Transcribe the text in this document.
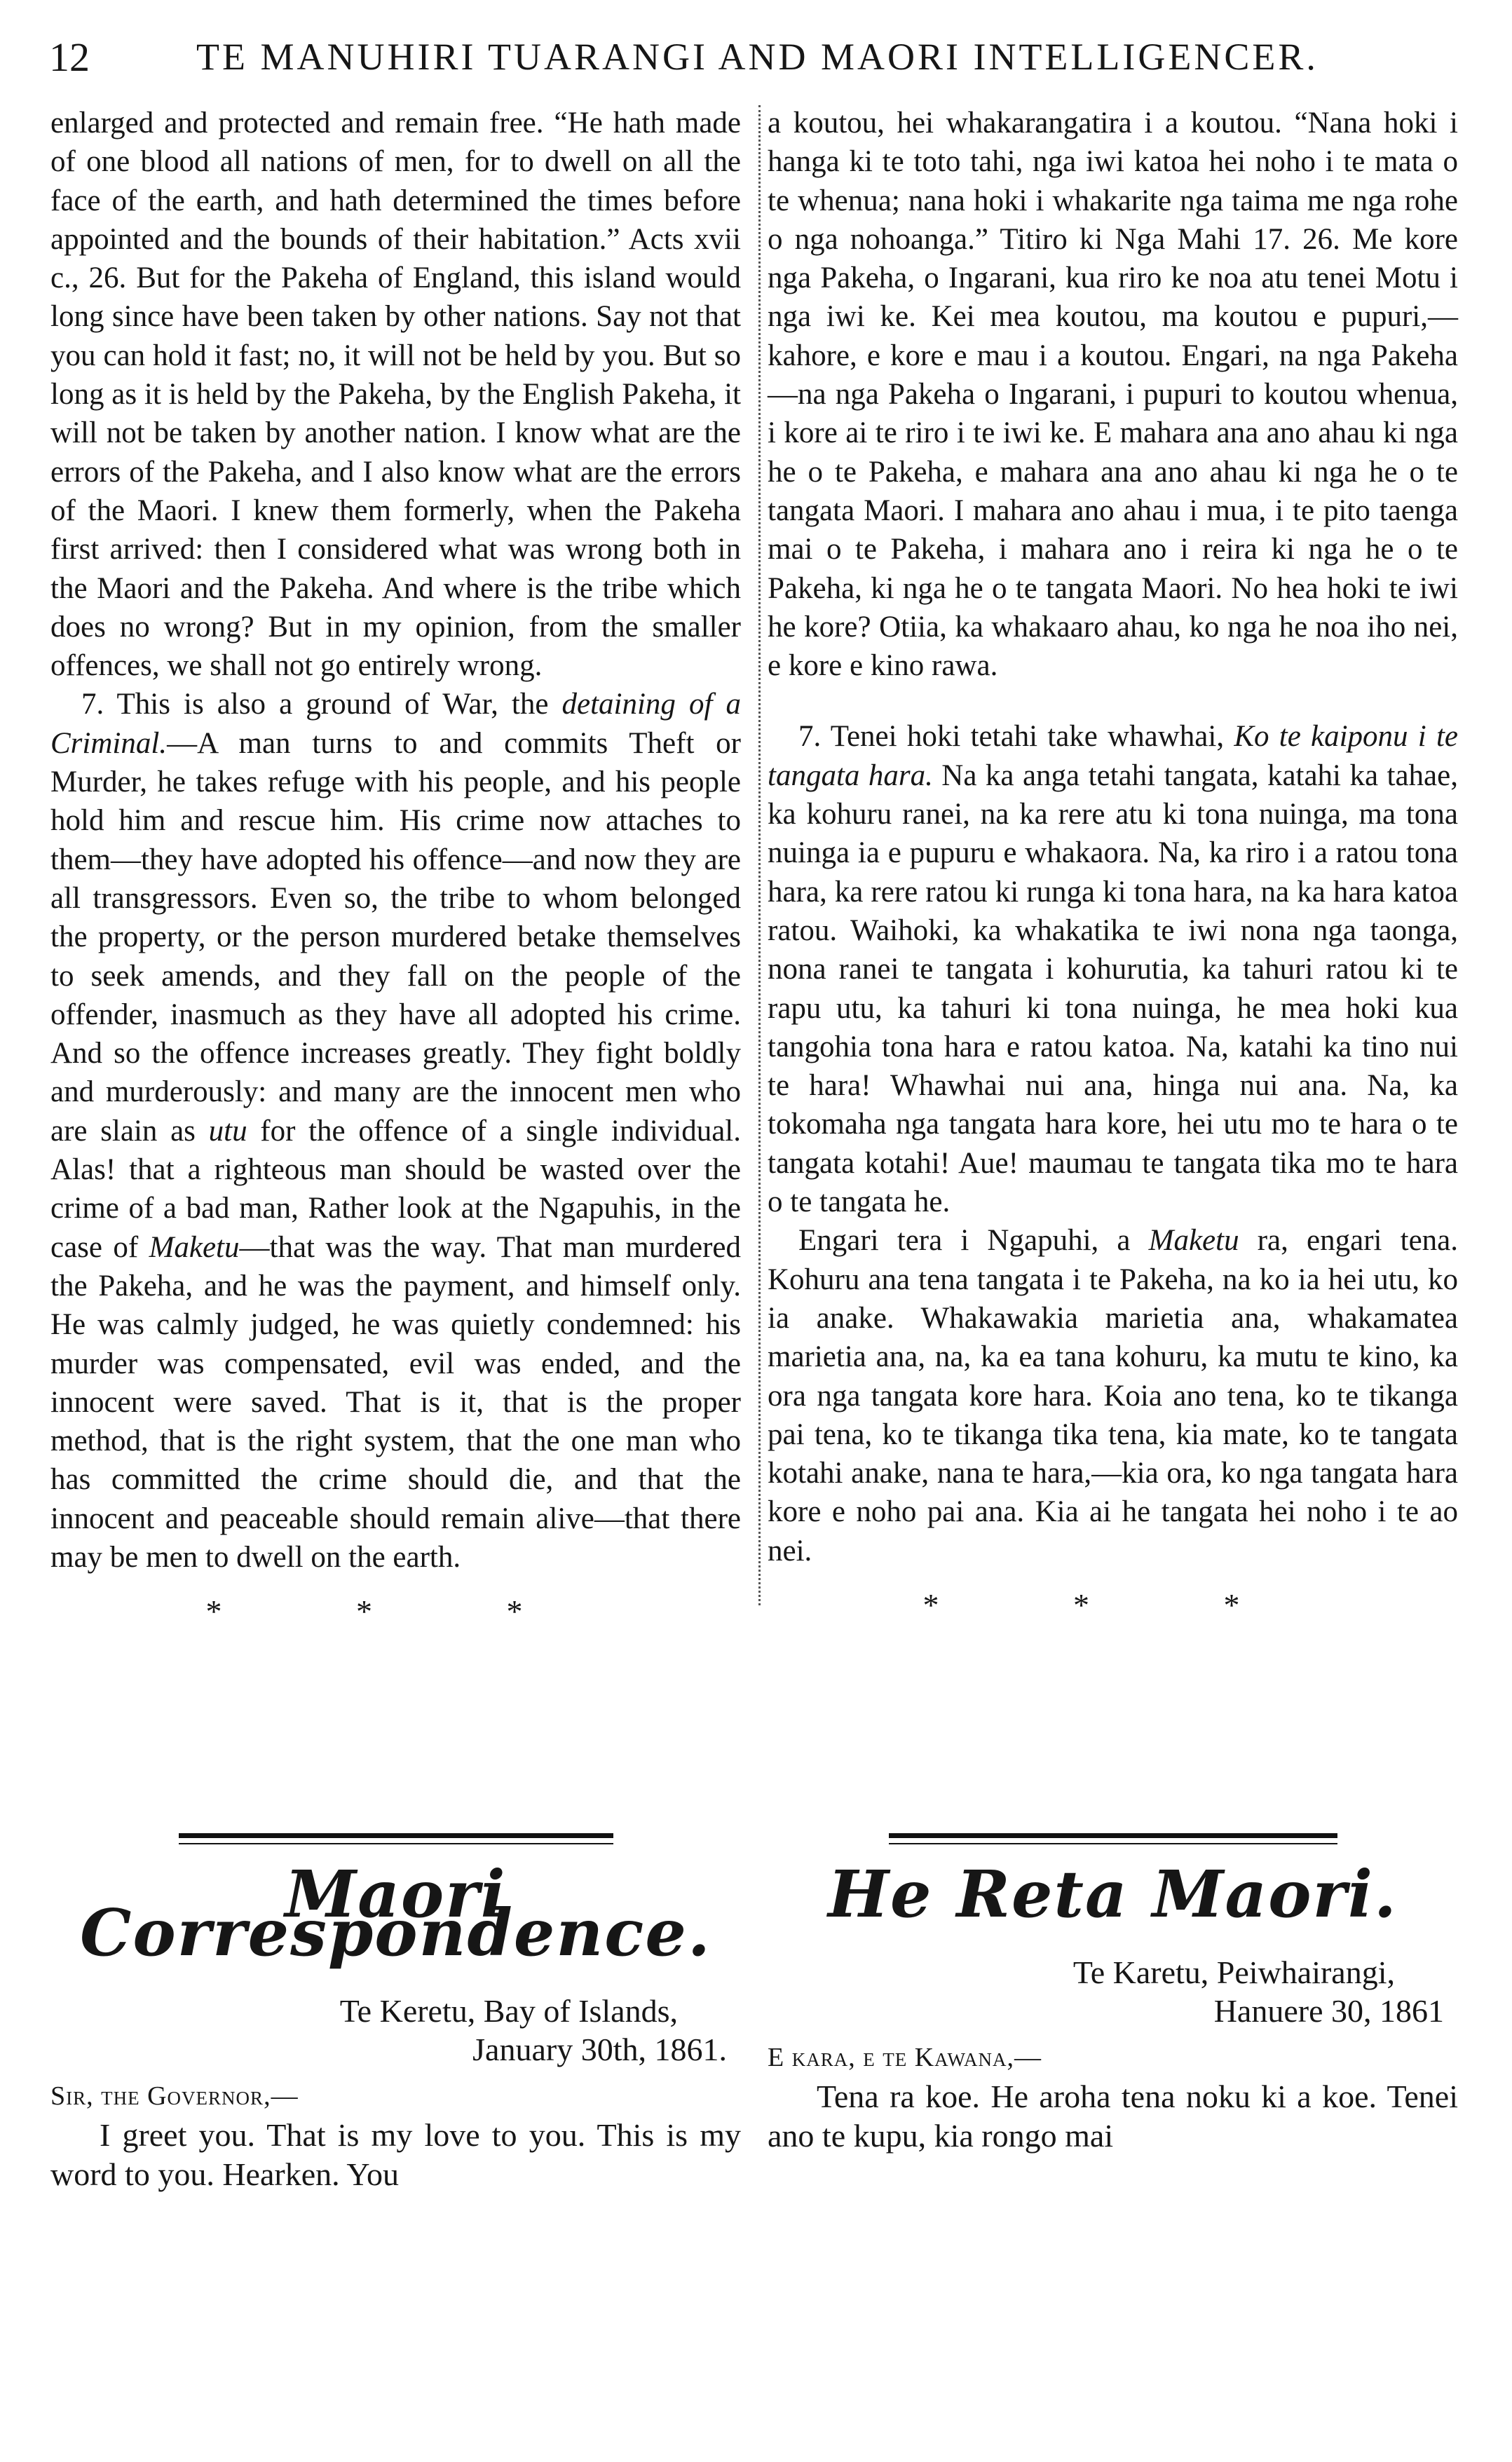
12	TE MANUHIRI TUARANGI AND MAORI INTELLIGENCER.

enlarged and protected and remain free. “He hath made of one blood all nations of men, for to dwell on all the face of the earth, and hath determined the times before appointed and the bounds of their habitation.” Acts xvii c., 26. But for the Pakeha of England, this island would long since have been taken by other nations. Say not that you can hold it fast; no, it will not be held by you. But so long as it is held by the Pakeha, by the English Pakeha, it will not be taken by another nation. I know what are the errors of the Pakeha, and I also know what are the errors of the Maori. I knew them formerly, when the Pakeha first arrived: then I considered what was wrong both in the Maori and the Pakeha. And where is the tribe which does no wrong? But in my opinion, from the smaller offences, we shall not go entirely wrong.

7. This is also a ground of War, the detaining of a Criminal.—A man turns to and commits Theft or Murder, he takes refuge with his people, and his people hold him and rescue him. His crime now attaches to them—they have adopted his offence—and now they are all transgressors. Even so, the tribe to whom belonged the property, or the person murdered betake themselves to seek amends, and they fall on the people of the offender, inasmuch as they have all adopted his crime. And so the offence increases greatly. They fight boldly and murderously: and many are the innocent men who are slain as utu for the offence of a single individual. Alas! that a righteous man should be wasted over the crime of a bad man, Rather look at the Ngapuhis, in the case of Maketu—that was the way. That man murdered the Pakeha, and he was the payment, and himself only. He was calmly judged, he was quietly condemned: his murder was compensated, evil was ended, and the innocent were saved. That is it, that is the proper method, that is the right system, that the one man who has committed the crime should die, and that the innocent and peaceable should remain alive—that there may be men to dwell on the earth.

* * *

a koutou, hei whakarangatira i a koutou. “Nana hoki i hanga ki te toto tahi, nga iwi katoa hei noho i te mata o te whenua; nana hoki i whakarite nga taima me nga rohe o nga nohoanga.” Titiro ki Nga Mahi 17. 26. Me kore nga Pakeha, o Ingarani, kua riro ke noa atu tenei Motu i nga iwi ke. Kei mea koutou, ma koutou e pupuri,—kahore, e kore e mau i a koutou. Engari, na nga Pakeha—na nga Pakeha o Ingarani, i pupuri to koutou whenua, i kore ai te riro i te iwi ke. E mahara ana ano ahau ki nga he o te Pakeha, e mahara ana ano ahau ki nga he o te tangata Maori. I mahara ano ahau i mua, i te pito taenga mai o te Pakeha, i mahara ano i reira ki nga he o te Pakeha, ki nga he o te tangata Maori. No hea hoki te iwi he kore? Otiia, ka whakaaro ahau, ko nga he noa iho nei, e kore e kino rawa.

7. Tenei hoki tetahi take whawhai, Ko te kaiponu i te tangata hara. Na ka anga tetahi tangata, katahi ka tahae, ka kohuru ranei, na ka rere atu ki tona nuinga, ma tona nuinga ia e pupuru e whakaora. Na, ka riro i a ratou tona hara, ka rere ratou ki runga ki tona hara, na ka hara katoa ratou. Waihoki, ka whakatika te iwi nona nga taonga, nona ranei te tangata i kohurutia, ka tahuri ratou ki te rapu utu, ka tahuri ki tona nuinga, he mea hoki kua tangohia tona hara e ratou katoa. Na, katahi ka tino nui te hara! Whawhai nui ana, hinga nui ana. Na, ka tokomaha nga tangata hara kore, hei utu mo te hara o te tangata kotahi! Aue! maumau te tangata tika mo te hara o te tangata he.

Engari tera i Ngapuhi, a Maketu ra, engari tena. Kohuru ana tena tangata i te Pakeha, na ko ia hei utu, ko ia anake. Whakawakia marietia ana, whakamatea marietia ana, na, ka ea tana kohuru, ka mutu te kino, ka ora nga tangata kore hara. Koia ano tena, ko te tikanga pai tena, ko te tikanga tika tena, kia mate, ko te tangata kotahi anake, nana te hara,—kia ora, ko nga tangata hara kore e noho pai ana. Kia ai he tangata hei noho i te ao nei.

* * *
Maori Correspondence.
Te Keretu, Bay of Islands,
January 30th, 1861.
Sir, the Governor,—

I greet you. That is my love to you. This is my word to you. Hearken. You

He Reta Maori.
Te Karetu, Peiwhairangi,
Hanuere 30, 1861
E kara, e te Kawana,—

Tena ra koe. He aroha tena noku ki a koe. Tenei ano te kupu, kia rongo mai
